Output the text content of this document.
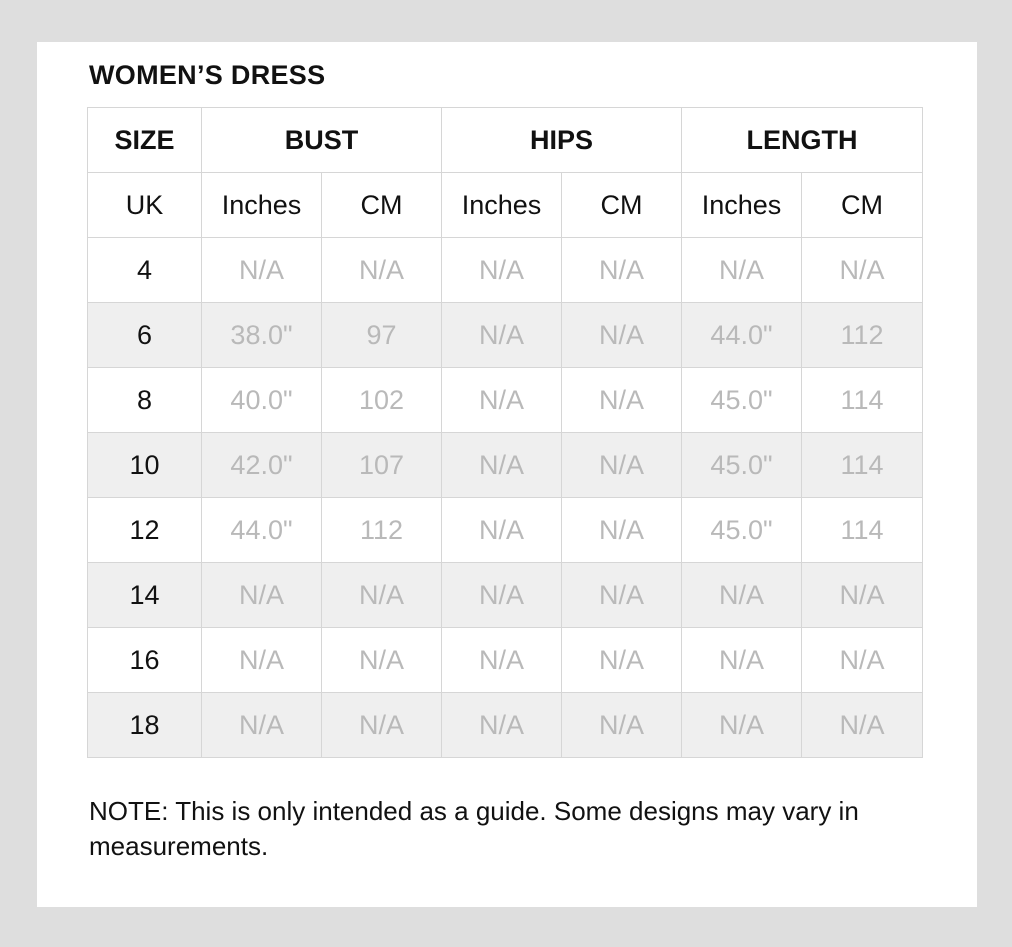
WOMEN’S DRESS
SIZE	BUST		HIPS		LENGTH	
UK	Inches	CM	Inches	CM	Inches	CM
4	N/A	N/A	N/A	N/A	N/A	N/A
6	38.0"	97	N/A	N/A	44.0"	112
8	40.0"	102	N/A	N/A	45.0"	114
10	42.0"	107	N/A	N/A	45.0"	114
12	44.0"	112	N/A	N/A	45.0"	114
14	N/A	N/A	N/A	N/A	N/A	N/A
16	N/A	N/A	N/A	N/A	N/A	N/A
18	N/A	N/A	N/A	N/A	N/A	N/A
NOTE: This is only intended as a guide. Some designs may vary in measurements.
